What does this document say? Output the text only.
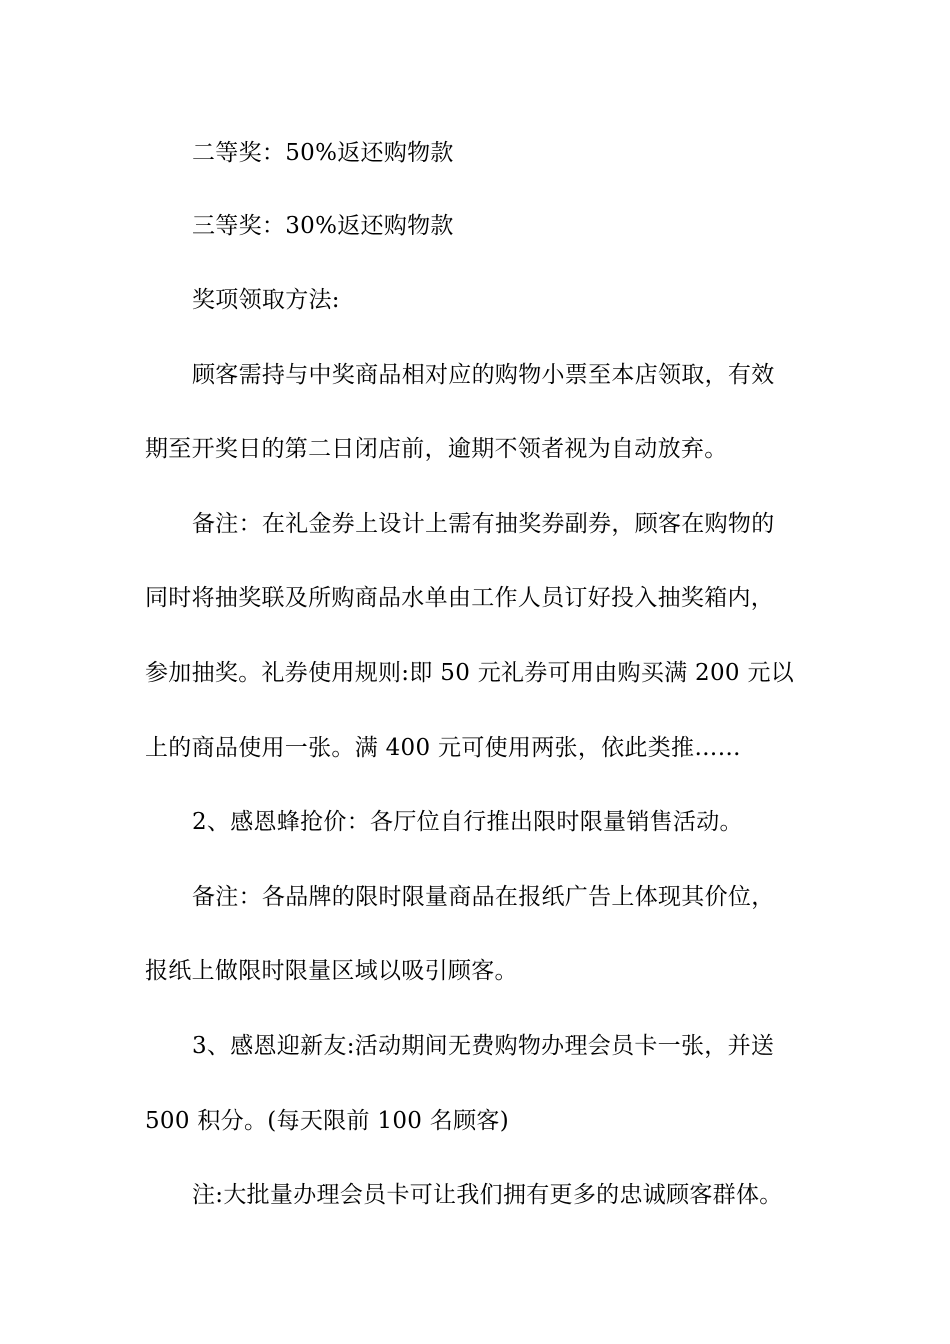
二等奖：50%返还购物款
三等奖：30%返还购物款
奖项领取方法:
顾客需持与中奖商品相对应的购物小票至本店领取，有效
期至开奖日的第二日闭店前，逾期不领者视为自动放弃。
备注：在礼金券上设计上需有抽奖券副券，顾客在购物的
同时将抽奖联及所购商品水单由工作人员订好投入抽奖箱内，
参加抽奖。礼券使用规则:即 50 元礼券可用由购买满 200 元以
上的商品使用一张。满 400 元可使用两张，依此类推……
2、感恩蜂抢价：各厅位自行推出限时限量销售活动。
备注：各品牌的限时限量商品在报纸广告上体现其价位，
报纸上做限时限量区域以吸引顾客。
3、感恩迎新友:活动期间无费购物办理会员卡一张，并送
500 积分。(每天限前 100 名顾客)
注:大批量办理会员卡可让我们拥有更多的忠诚顾客群体。
